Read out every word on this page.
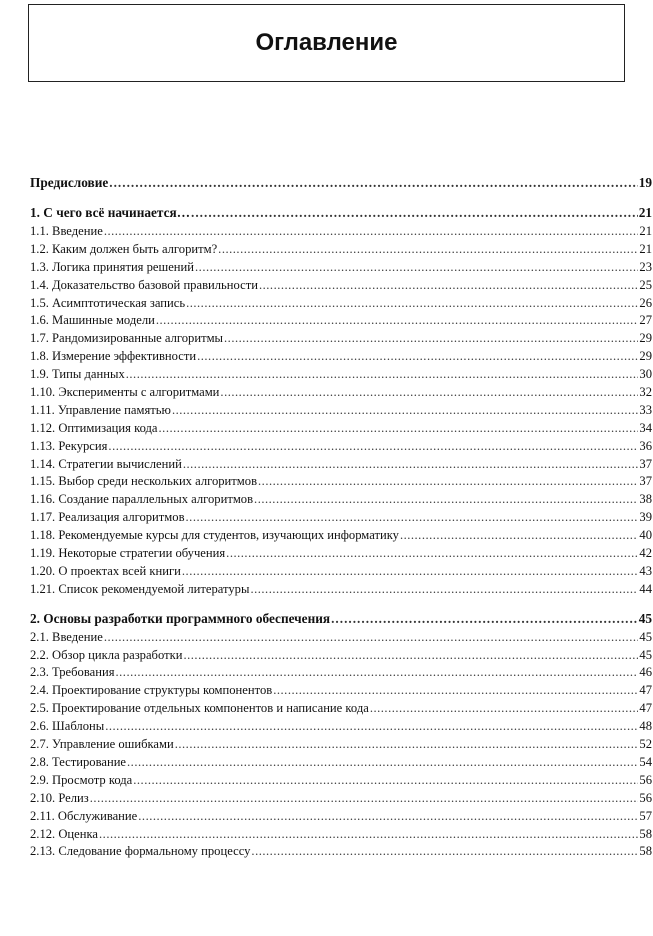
Оглавление
Предисловие .....	19
1. С чего всё начинается… .....	21
1.1. Введение .....	21
1.2. Каким должен быть алгоритм? .....	21
1.3. Логика принятия решений .....	23
1.4. Доказательство базовой правильности .....	25
1.5. Асимптотическая запись .....	26
1.6. Машинные модели .....	27
1.7. Рандомизированные алгоритмы .....	29
1.8. Измерение эффективности .....	29
1.9. Типы данных .....	30
1.10. Эксперименты с алгоритмами .....	32
1.11. Управление памятью .....	33
1.12. Оптимизация кода .....	34
1.13. Рекурсия .....	36
1.14. Стратегии вычислений .....	37
1.15. Выбор среди нескольких алгоритмов .....	37
1.16. Создание параллельных алгоритмов .....	38
1.17. Реализация алгоритмов .....	39
1.18. Рекомендуемые курсы для студентов, изучающих информатику .....	40
1.19. Некоторые стратегии обучения .....	42
1.20. О проектах всей книги .....	43
1.21. Список рекомендуемой литературы .....	44
2. Основы разработки программного обеспечения .....	45
2.1. Введение .....	45
2.2. Обзор цикла разработки .....	45
2.3. Требования .....	46
2.4. Проектирование структуры компонентов .....	47
2.5. Проектирование отдельных компонентов и написание кода .....	47
2.6. Шаблоны .....	48
2.7. Управление ошибками .....	52
2.8. Тестирование .....	54
2.9. Просмотр кода .....	56
2.10. Релиз .....	56
2.11. Обслуживание .....	57
2.12. Оценка .....	58
2.13. Следование формальному процессу .....	58
